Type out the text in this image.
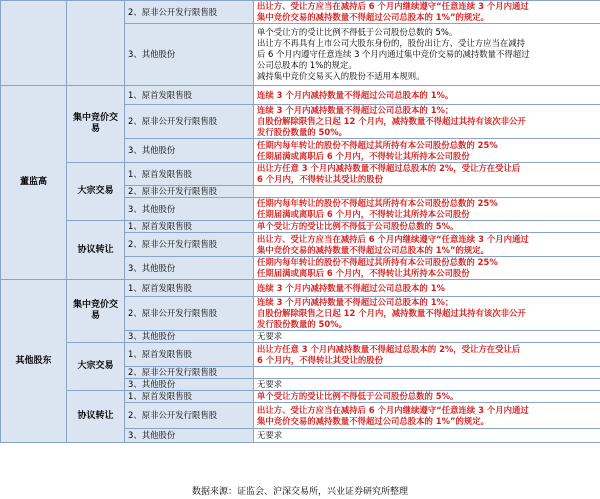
		2、原非公开发行限售股	出让方、受让方应当在减持后 6 个月内继续遵守“任意连续 3 个月内通过
集中竞价交易的减持数量不得超过公司总股本的 1%”的规定。

		3、其他股份	单个受让方的受让比例不得低于公司股份总数的 5%。
出让方不再具有上市公司大股东身份的，股份出让方、受让方应当在减持
后 6 个月内遵守任意连续 3 个月内通过集中竞价交易的减持数量不得超过
公司总股本的 1%的规定。
减持集中竞价交易买入的股份不适用本规则。

董监高	集中竞价交易	1、原首发限售股	连续 3 个月内减持数量不得超过公司总股本的 1%。

		2、原非公开发行限售股	连续 3 个月内减持数量不得超过公司总股本的 1%；
自股份解除限售之日起 12 个月内，减持数量不得超过其持有该次非公开
发行股份数量的 50%。

		3、其他股份	任期内每年转让的股份不得超过其所持有本公司股份总数的 25%
任期届满或离职后 6 个月内，不得转让其所持本公司股份

	大宗交易	1、原首发限售股	出让方任意 3 个月内减持数量不得超过总股本的 2%，受让方在受让后
6 个月内，不得转让其受让的股份

		2、原非公开发行限售股	

		3、其他股份	任期内每年转让的股份不得超过其所持有本公司股份总数的 25%
任期届满或离职后 6 个月内，不得转让其所持本公司股份

	协议转让	1、原首发限售股	单个受让方的受让比例不得低于公司股份总数的 5%。

		2、原非公开发行限售股	出让方、受让方应当在减持后 6 个月内继续遵守“任意连续 3 个月内通过
集中竞价交易的减持数量不得超过公司总股本的 1%”的规定。

		3、其他股份	任期内每年转让的股份不得超过其所持有本公司股份总数的 25%
任期届满或离职后 6 个月内，不得转让其所持本公司股份

其他股东	集中竞价交易	1、原首发限售股	连续 3 个月内减持数量不得超过公司总股本的 1%

		2、原非公开发行限售股	连续 3 个月内减持数量不得超过公司总股本的 1%；
自股份解除限售之日起 12 个月内，减持数量不得超过其持有该次非公开
发行股份数量的 50%。

		3、其他股份	无要求

	大宗交易	1、原首发限售股	出让方任意 3 个月内减持数量不得超过总股本的 2%，受让方在受让后
6 个月内，不得转让其受让的股份

		2、原非公开发行限售股	

		3、其他股份	无要求

	协议转让	1、原首发限售股	单个受让方的受让比例不得低于公司股份总数的 5%。

		2、原非公开发行限售股	出让方、受让方应当在减持后 6 个月内继续遵守“任意连续 3 个月内通过
集中竞价交易的减持数量不得超过公司总股本的 1%”的规定。

		3、其他股份	无要求
数据来源：证监会、沪深交易所，兴业证券研究所整理
